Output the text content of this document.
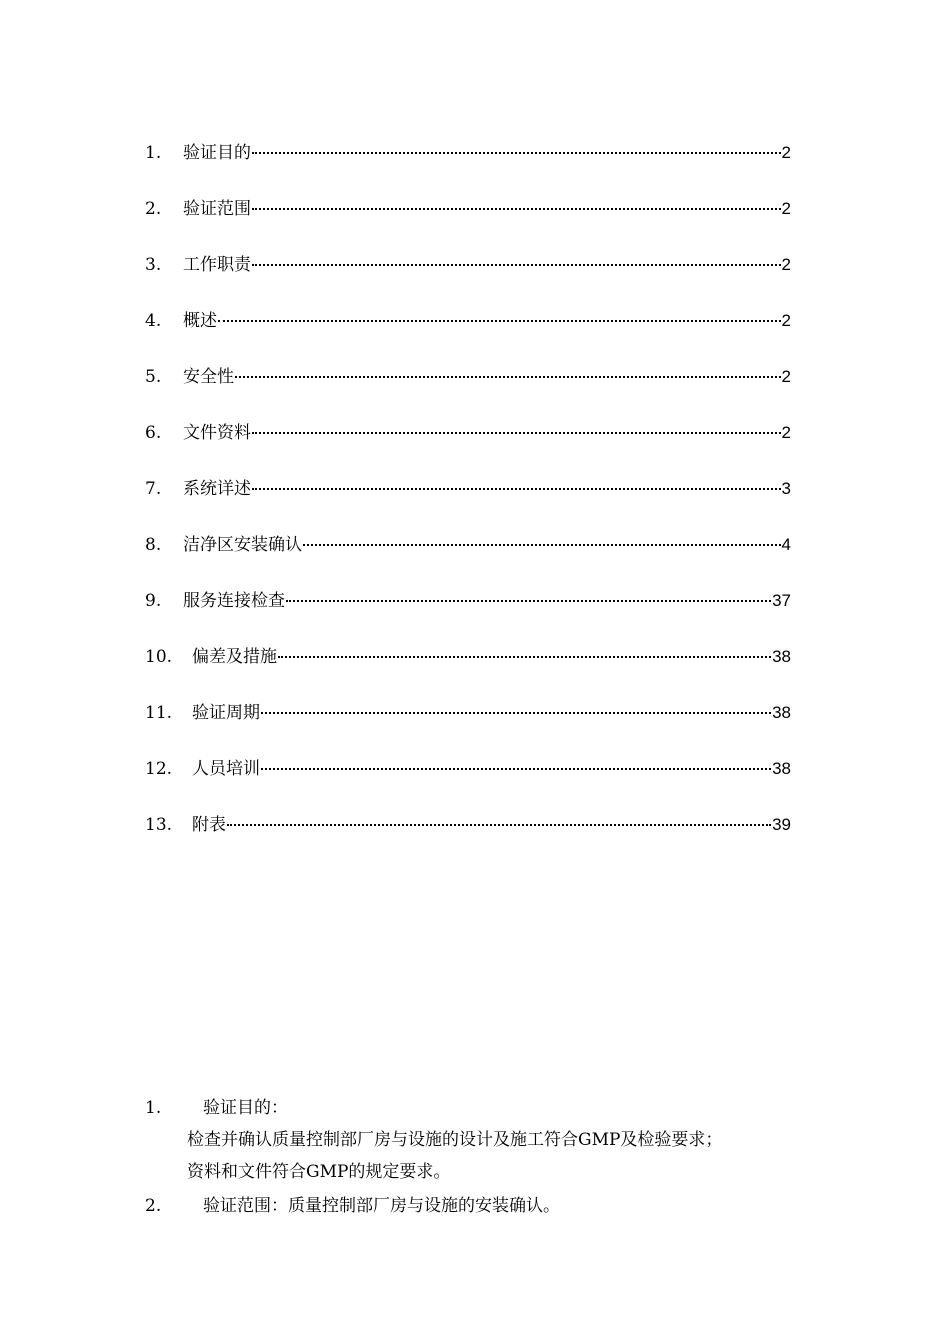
1.	验证目的	2
2.	验证范围	2
3.	工作职责	2
4.	概述	2
5.	安全性	2
6.	文件资料	2
7.	系统详述	3
8.	洁净区安装确认	4
9.	服务连接检查	37
10.	偏差及措施	38
11.	验证周期	38
12.	人员培训	38
13.	附表	39
1. 验证目的：
检查并确认质量控制部厂房与设施的设计及施工符合GMP及检验要求；
资料和文件符合GMP的规定要求。
2. 验证范围：质量控制部厂房与设施的安装确认。
